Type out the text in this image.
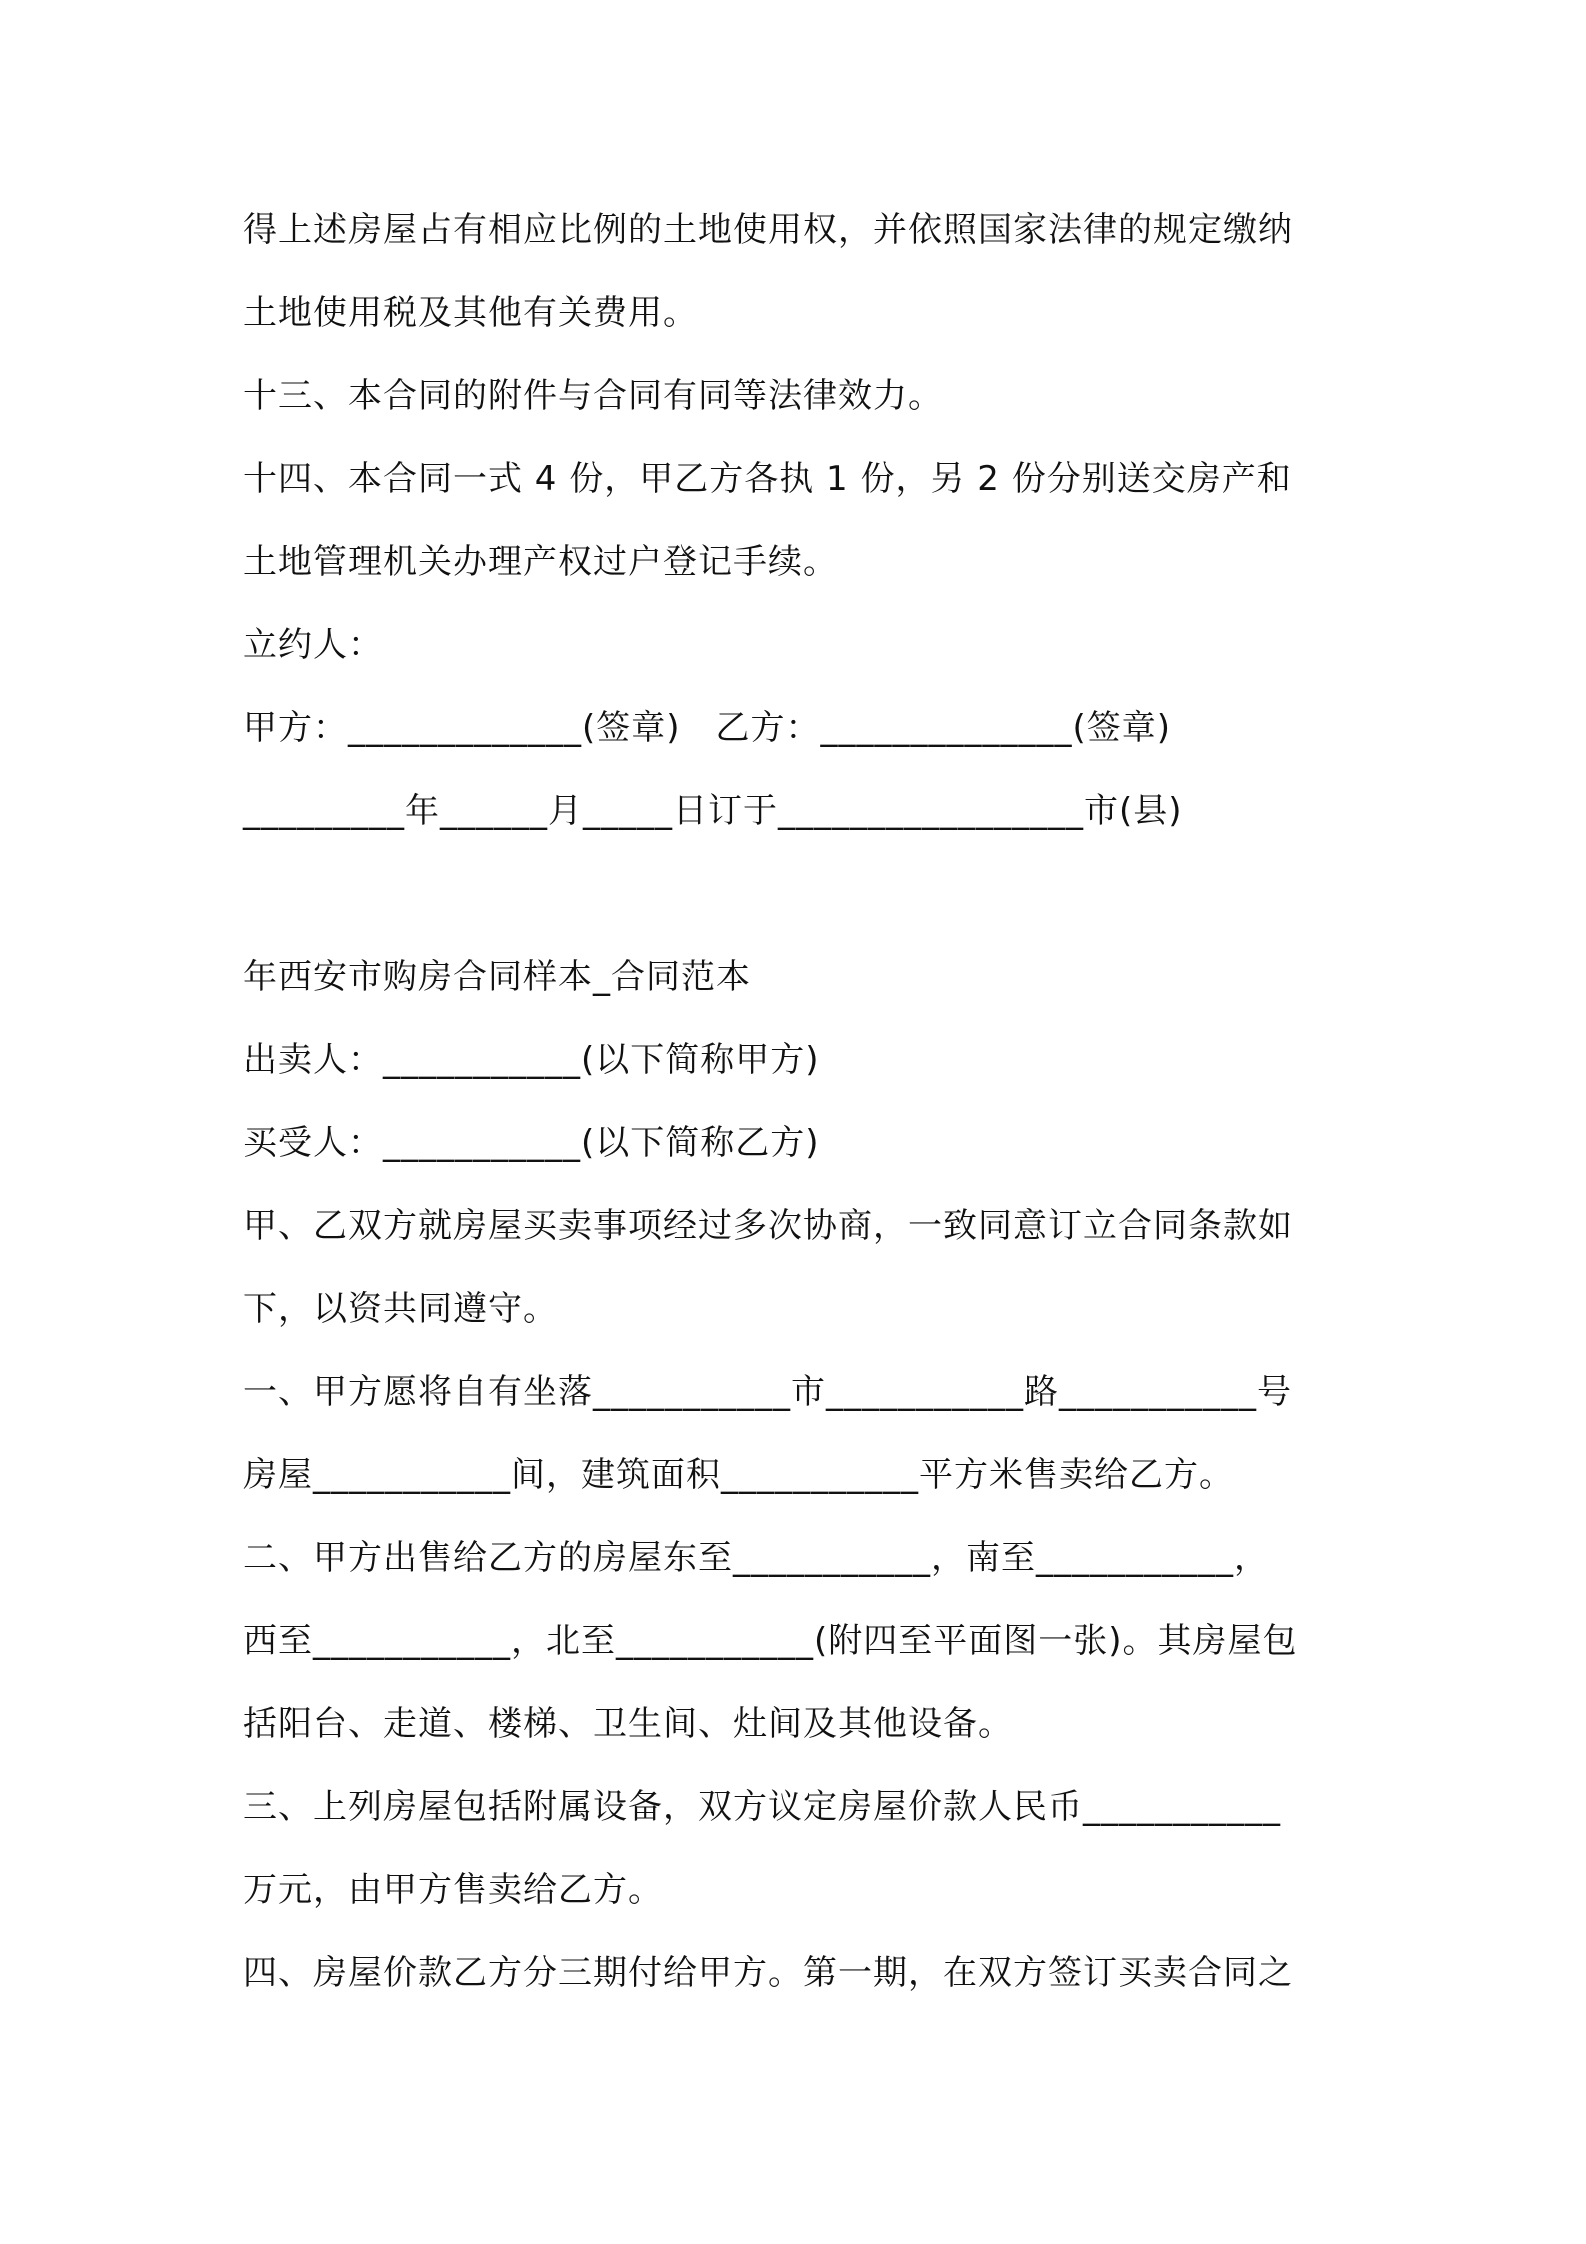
得上述房屋占有相应比例的土地使用权，并依照国家法律的规定缴纳

土地使用税及其他有关费用。

十三、本合同的附件与合同有同等法律效力。

十四、本合同一式 4 份，甲乙方各执 1 份，另 2 份分别送交房产和

土地管理机关办理产权过户登记手续。

立约人：

甲方：_____________(签章)　乙方：______________(签章)

_________年______月_____日订于_________________市(县)

年西安市购房合同样本_合同范本

出卖人：___________(以下简称甲方)

买受人：___________(以下简称乙方)

甲、乙双方就房屋买卖事项经过多次协商，一致同意订立合同条款如

下，以资共同遵守。

一、甲方愿将自有坐落___________市___________路___________号

房屋___________间，建筑面积___________平方米售卖给乙方。

二、甲方出售给乙方的房屋东至___________，南至___________，

西至___________，北至___________(附四至平面图一张)。其房屋包

括阳台、走道、楼梯、卫生间、灶间及其他设备。

三、上列房屋包括附属设备，双方议定房屋价款人民币___________

万元，由甲方售卖给乙方。

四、房屋价款乙方分三期付给甲方。第一期，在双方签订买卖合同之
